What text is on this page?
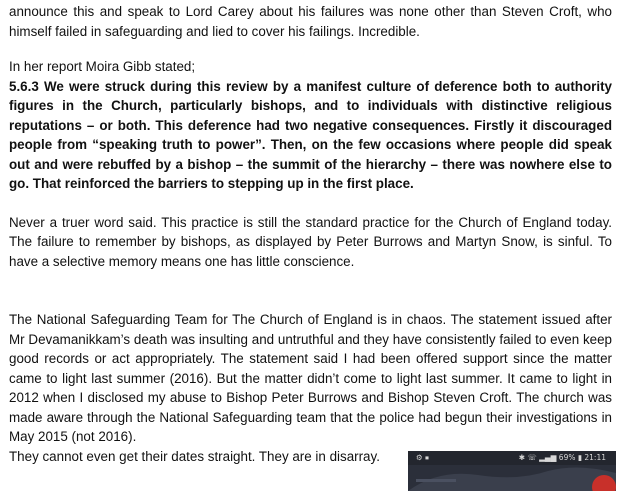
announce this and speak to Lord Carey about his failures was none other than Steven Croft, who himself failed in safeguarding and lied to cover his failings. Incredible.

In her report Moira Gibb stated;

5.6.3 We were struck during this review by a manifest culture of deference both to authority figures in the Church, particularly bishops, and to individuals with distinctive religious reputations – or both. This deference had two negative consequences. Firstly it discouraged people from “speaking truth to power”. Then, on the few occasions where people did speak out and were rebuffed by a bishop – the summit of the hierarchy – there was nowhere else to go. That reinforced the barriers to stepping up in the first place.

Never a truer word said. This practice is still the standard practice for the Church of England today. The failure to remember by bishops, as displayed by Peter Burrows and Martyn Snow, is sinful. To have a selective memory means one has little conscience.

The National Safeguarding Team for The Church of England is in chaos. The statement issued after Mr Devamanikkam’s death was insulting and untruthful and they have consistently failed to even keep good records or act appropriately. The statement said I had been offered support since the matter came to light last summer (2016). But the matter didn’t come to light last summer. It came to light in 2012 when I disclosed my abuse to Bishop Peter Burrows and Bishop Steven Croft. The church was made aware through the National Safeguarding team that the police had begun their investigations in May 2015 (not 2016).

They cannot even get their dates straight. They are in disarray.	⚙ ⏹	✱ ☏ ▂▄▆ 69% ▮ 21:11
